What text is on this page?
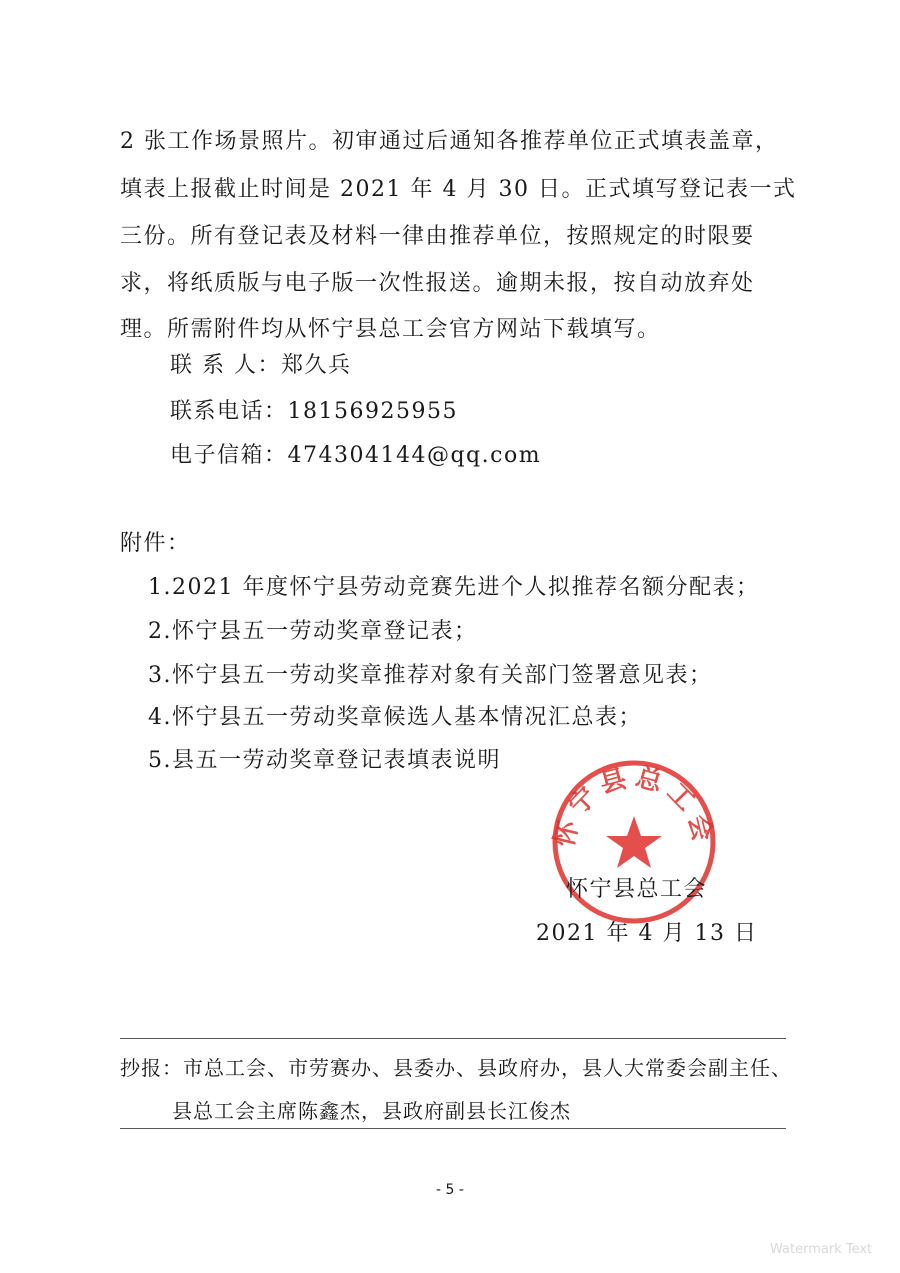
2 张工作场景照片。初审通过后通知各推荐单位正式填表盖章，
填表上报截止时间是 2021 年 4 月 30 日。正式填写登记表一式
三份。所有登记表及材料一律由推荐单位，按照规定的时限要
求，将纸质版与电子版一次性报送。逾期未报，按自动放弃处
理。所需附件均从怀宁县总工会官方网站下载填写。
联 系 人：郑久兵
联系电话：18156925955
电子信箱：474304144@qq.com
附件：
1.2021 年度怀宁县劳动竞赛先进个人拟推荐名额分配表；
2.怀宁县五一劳动奖章登记表；
3.怀宁县五一劳动奖章推荐对象有关部门签署意见表；
4.怀宁县五一劳动奖章候选人基本情况汇总表；
5.县五一劳动奖章登记表填表说明
怀宁县总工会
怀宁县总工会
2021 年 4 月 13 日
抄报：市总工会、市劳赛办、县委办、县政府办，县人大常委会副主任、
县总工会主席陈鑫杰，县政府副县长江俊杰
- 5 -
Watermark Text
